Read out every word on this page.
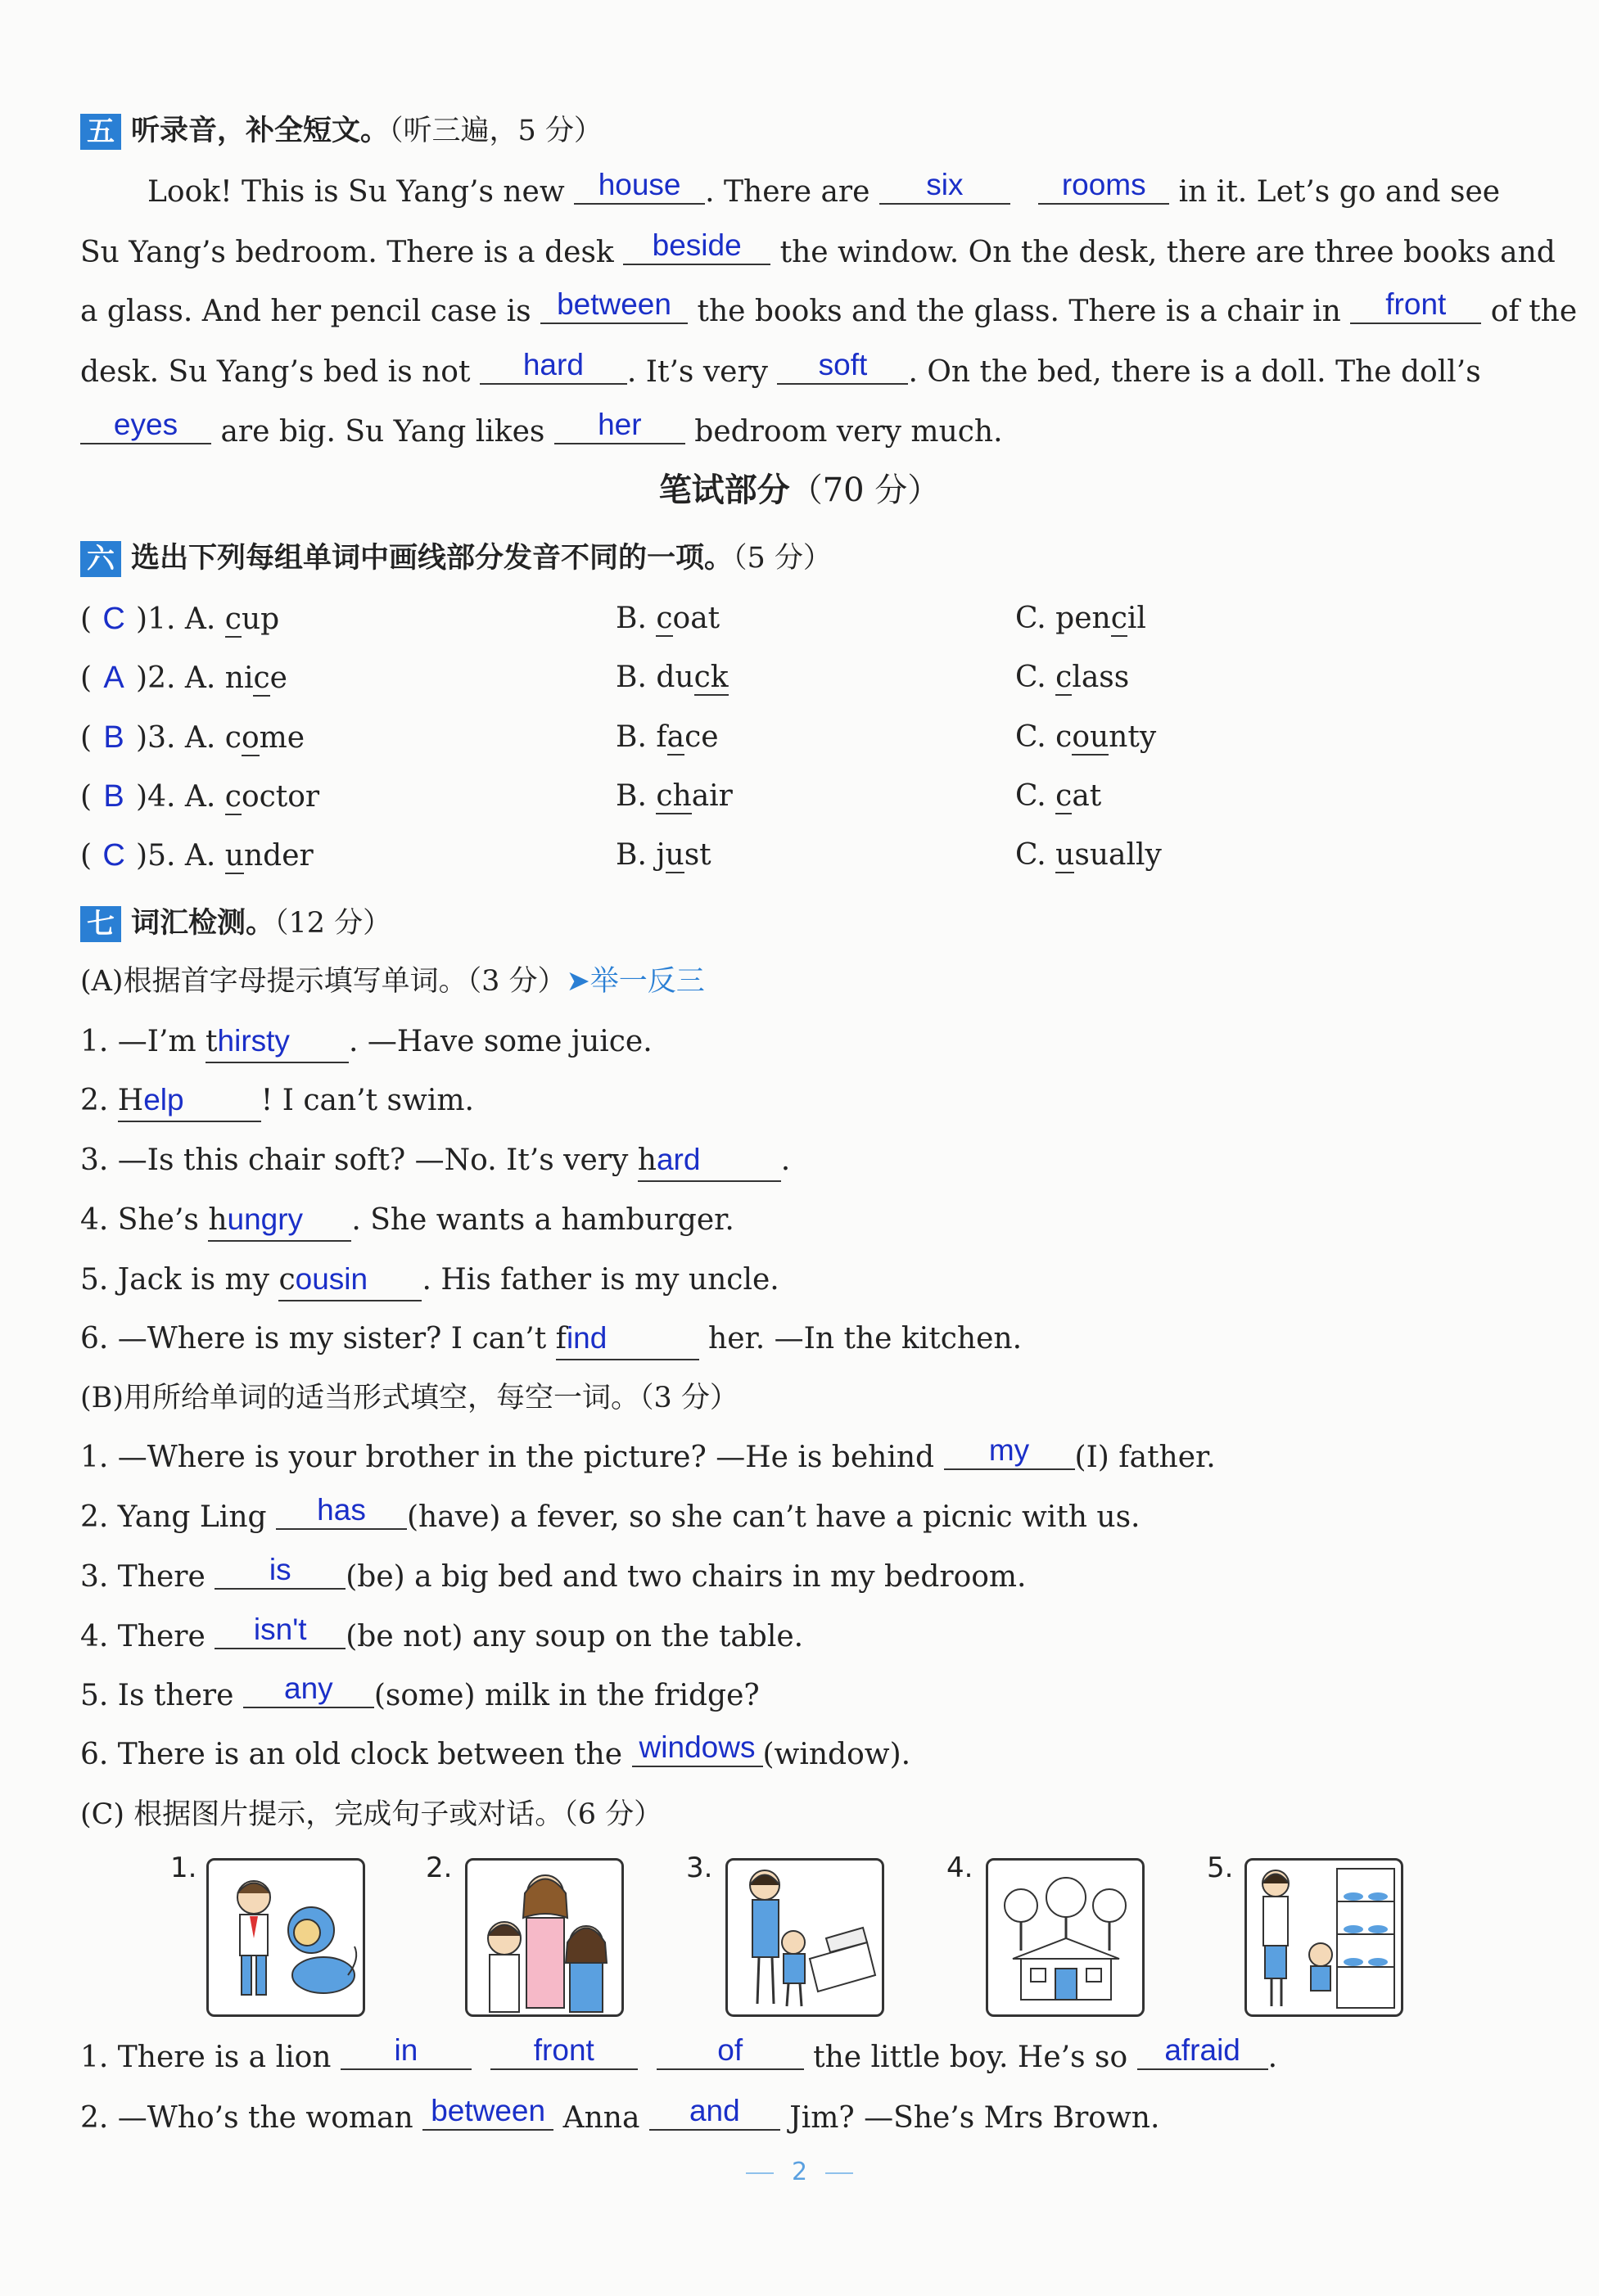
五 听录音，补全短文。（听三遍，5 分）
Look! This is Su Yang’s new house . There are six	rooms in it. Let’s go and see
Su Yang’s bedroom. There is a desk beside the window. On the desk, there are three books and
a glass. And her pencil case is between the books and the glass. There is a chair in front of the
desk. Su Yang’s bed is not hard . It’s very soft . On the bed, there is a doll. The doll’s
eyes are big. Su Yang likes her bedroom very much.
笔试部分（70 分）
六 选出下列每组单词中画线部分发音不同的一项。（5 分）
( C )1. A. cup	B. coat	C. pencil
( A )2. A. nice	B. duck	C. class
( B )3. A. come	B. face	C. county
( B )4. A. coctor	B. chair	C. cat
( C )5. A. under	B. just	C. usually
七 词汇检测。（12 分）
(A)根据首字母提示填写单词。（3 分）➤举一反三
1. —I’m thirsty . —Have some juice.
2. Help	! I can’t swim.
3. —Is this chair soft? —No. It’s very hard	.
4. She’s hungry . She wants a hamburger.
5. Jack is my cousin . His father is my uncle.
6. —Where is my sister? I can’t find	her. —In the kitchen.
(B)用所给单词的适当形式填空，每空一词。（3 分）
1. —Where is your brother in the picture? —He is behind my (I) father.
2. Yang Ling has (have) a fever, so she can’t have a picnic with us.
3. There is (be) a big bed and two chairs in my bedroom.
4. There isn't (be not) any soup on the table.
5. Is there any (some) milk in the fridge?
6. There is an old clock between the windows (window).
(C) 根据图片提示，完成句子或对话。（6 分）
1.	2.	3.	4.	5.
1. There is a lion in	front	of the little boy. He’s so afraid .
2. —Who’s the woman between Anna and Jim? —She’s Mrs Brown.
2
